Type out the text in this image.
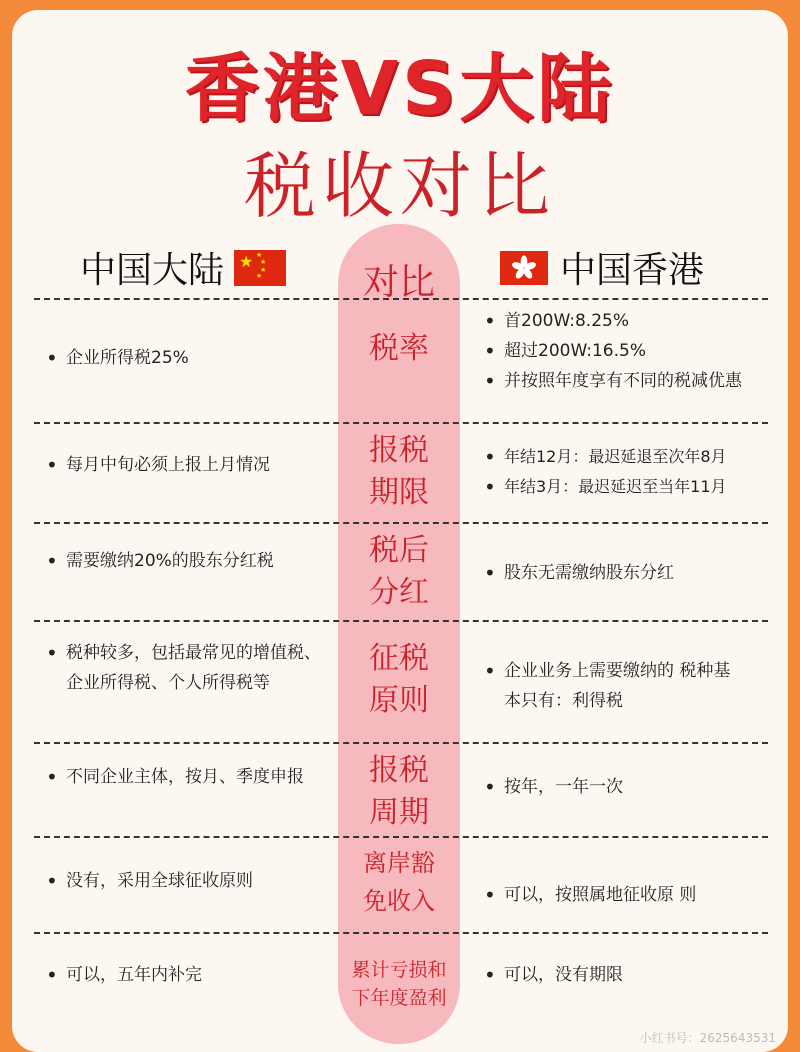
香港VS大陆
税收对比
中国大陆 ★ ★
★
★
★	对比	中国香港
• 企业所得税25%	税率
• 首200W:8.25%
• 超过200W:16.5%
• 并按照年度享有不同的税减优惠
• 每月中旬必须上报上月情况	报税期限
• 年结12月：最迟延退至次年8月
• 年结3月：最迟延迟至当年11月
• 需要缴纳20%的股东分红税	税后分红
• 股东无需缴纳股东分红
• 税种较多，包括最常见的增值税、企业所得税、个人所得税等
征税原则
• 企业业务上需要缴纳的 税种基本只有：利得税
• 不同企业主体，按月、季度申报 报税周期
• 按年，一年一次
• 没有，采用全球征收原则
离岸豁免收入
•	可以，按照属地征收原 则
• 可以，五年内补完	累计亏损和下年度盈利
• 可以，没有期限
小红书号：2625643531
